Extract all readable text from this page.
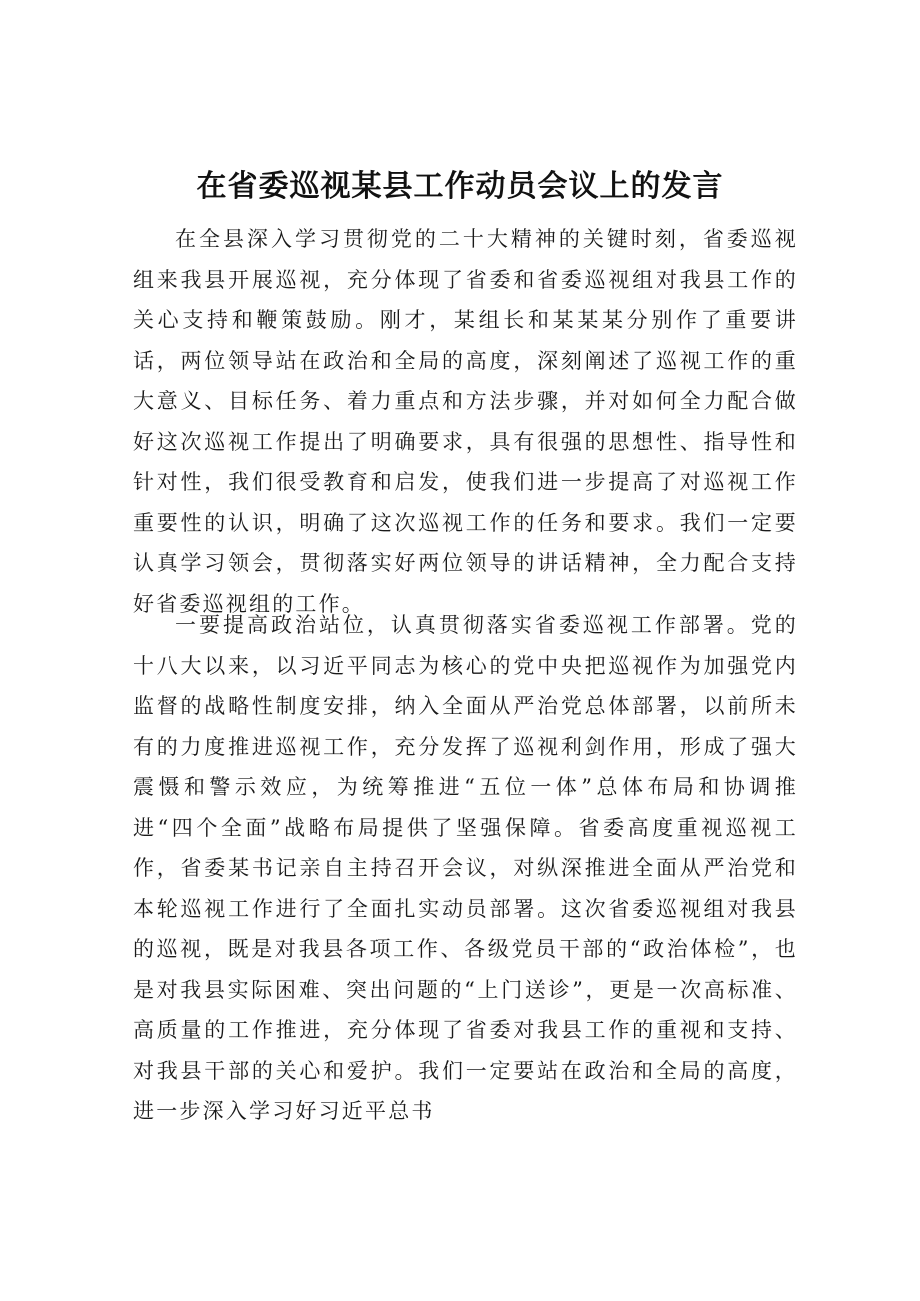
在省委巡视某县工作动员会议上的发言

在全县深入学习贯彻党的二十大精神的关键时刻，省委巡视组来我县开展巡视，充分体现了省委和省委巡视组对我县工作的关心支持和鞭策鼓励。刚才，某组长和某某某分别作了重要讲话，两位领导站在政治和全局的高度，深刻阐述了巡视工作的重大意义、目标任务、着力重点和方法步骤，并对如何全力配合做好这次巡视工作提出了明确要求，具有很强的思想性、指导性和针对性，我们很受教育和启发，使我们进一步提高了对巡视工作重要性的认识，明确了这次巡视工作的任务和要求。我们一定要认真学习领会，贯彻落实好两位领导的讲话精神，全力配合支持好省委巡视组的工作。

一要提高政治站位，认真贯彻落实省委巡视工作部署。党的十八大以来，以习近平同志为核心的党中央把巡视作为加强党内监督的战略性制度安排，纳入全面从严治党总体部署，以前所未有的力度推进巡视工作，充分发挥了巡视利剑作用，形成了强大震慑和警示效应，为统筹推进“五位一体”总体布局和协调推进“四个全面”战略布局提供了坚强保障。省委高度重视巡视工作，省委某书记亲自主持召开会议，对纵深推进全面从严治党和本轮巡视工作进行了全面扎实动员部署。这次省委巡视组对我县的巡视，既是对我县各项工作、各级党员干部的“政治体检”，也是对我县实际困难、突出问题的“上门送诊”，更是一次高标准、高质量的工作推进，充分体现了省委对我县工作的重视和支持、对我县干部的关心和爱护。我们一定要站在政治和全局的高度，进一步深入学习好习近平总书
